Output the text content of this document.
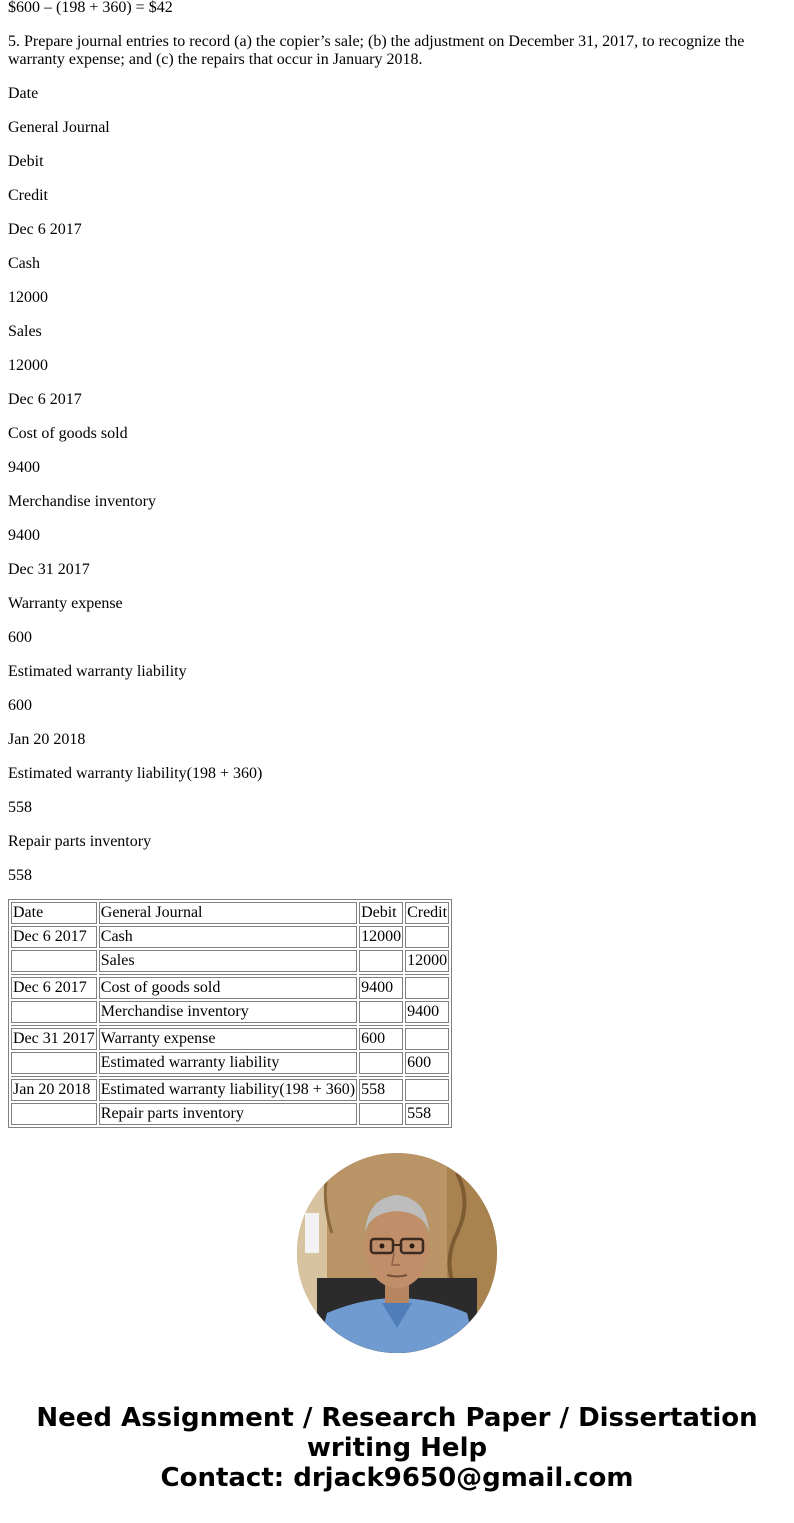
$600 – (198 + 360) = $42

5. Prepare journal entries to record (a) the copier’s sale; (b) the adjustment on December 31, 2017, to recognize the warranty expense; and (c) the repairs that occur in January 2018.

Date

General Journal

Debit

Credit

Dec 6 2017

Cash

12000

Sales

12000

Dec 6 2017

Cost of goods sold

9400

Merchandise inventory

9400

Dec 31 2017

Warranty expense

600

Estimated warranty liability

600

Jan 20 2018

Estimated warranty liability(198 + 360)

558

Repair parts inventory

558

Date	General Journal	Debit	Credit
Dec 6 2017	Cash	12000	
	Sales		12000

Dec 6 2017	Cost of goods sold	9400	
	Merchandise inventory		9400

Dec 31 2017	Warranty expense	600	
	Estimated warranty liability		600

Jan 20 2018	Estimated warranty liability(198 + 360)	558	
	Repair parts inventory		558
Need Assignment / Research Paper / Dissertation
writing Help
Contact: drjack9650@gmail.com
